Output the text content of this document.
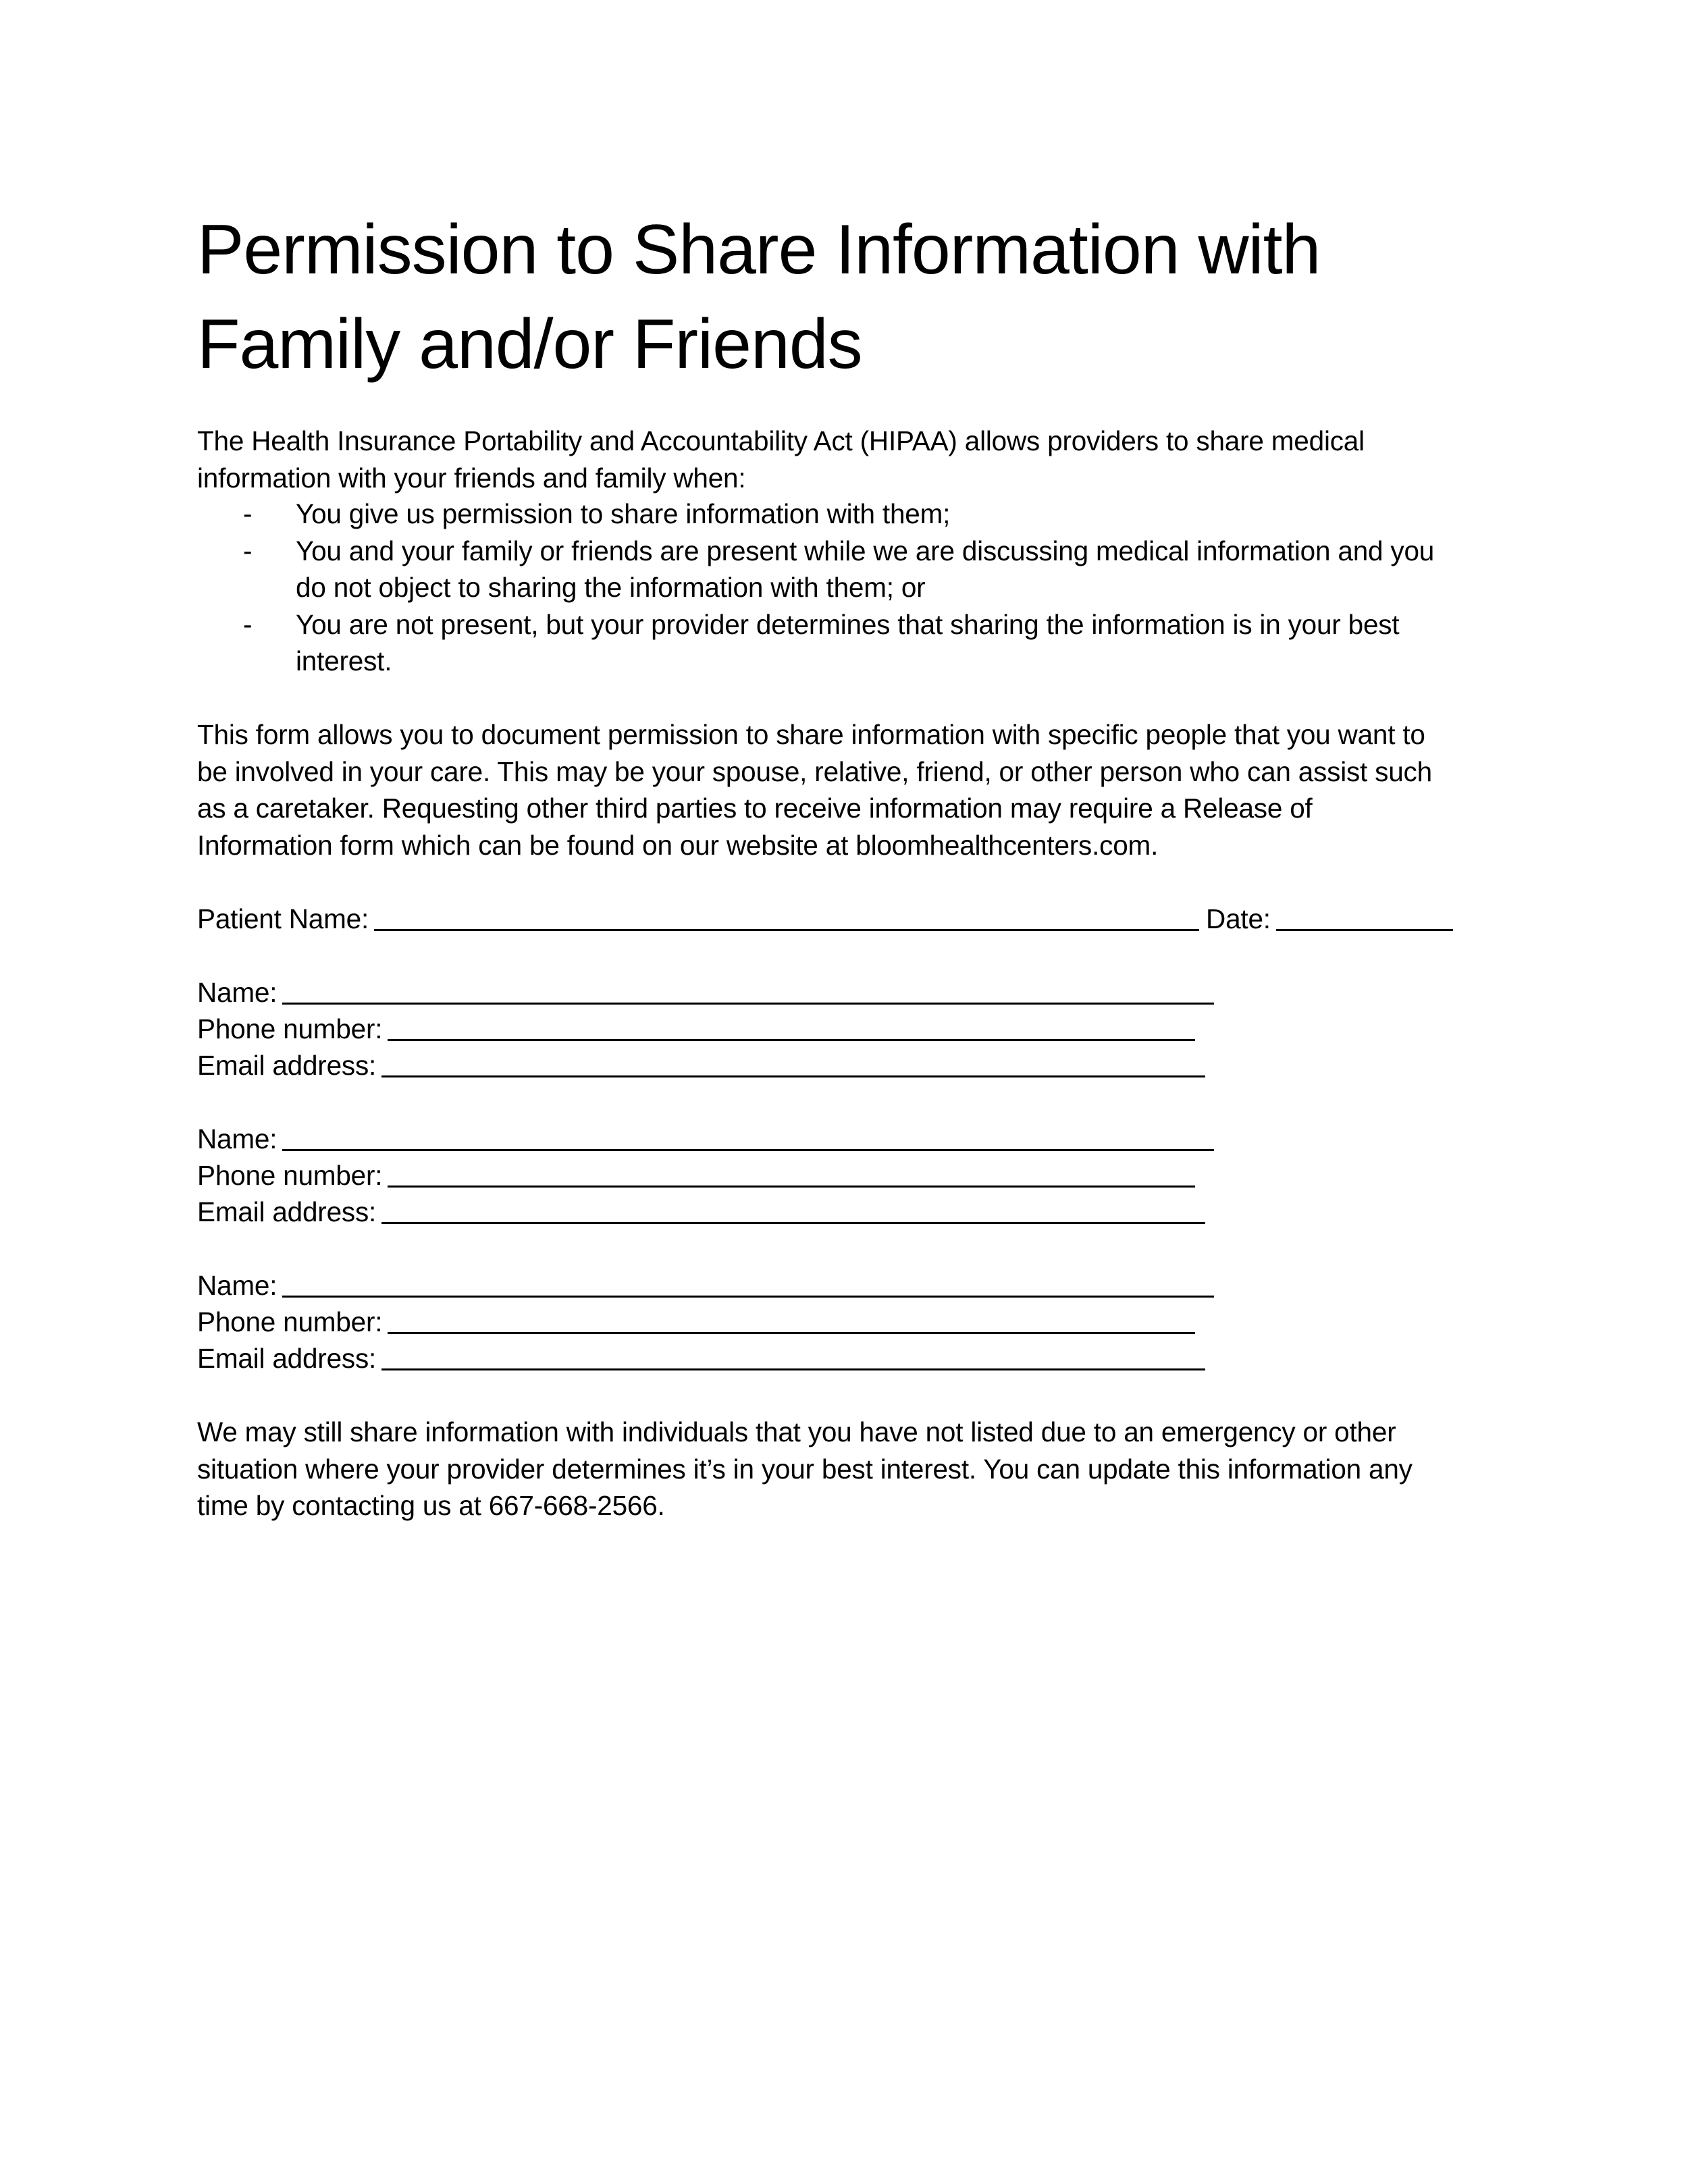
Permission to Share Information with
Family and/or Friends

The Health Insurance Portability and Accountability Act (HIPAA) allows providers to share medical
information with your friends and family when:

- You give us permission to share information with them;
- You and your family or friends are present while we are discussing medical information and you
do not object to sharing the information with them; or
- You are not present, but your provider determines that sharing the information is in your best
interest.

This form allows you to document permission to share information with specific people that you want to
be involved in your care. This may be your spouse, relative, friend, or other person who can assist such
as a caretaker. Requesting other third parties to receive information may require a Release of
Information form which can be found on our website at bloomhealthcenters.com.

Patient Name:	Date:
Name:
Phone number:
Email address:
Name:
Phone number:
Email address:
Name:
Phone number:
Email address:

We may still share information with individuals that you have not listed due to an emergency or other
situation where your provider determines it’s in your best interest. You can update this information any
time by contacting us at 667-668-2566.
